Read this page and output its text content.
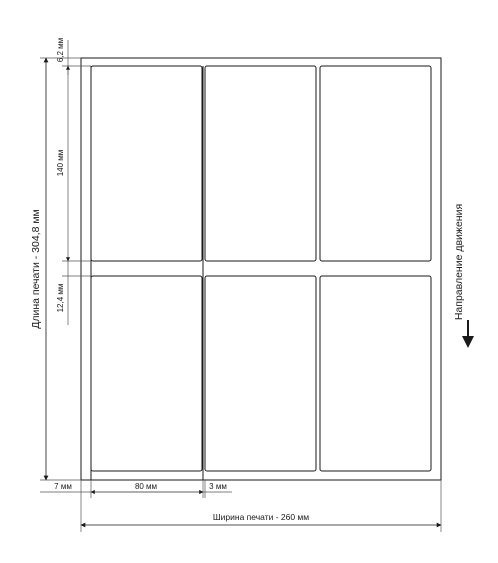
6,2 мм
140 мм
12,4 мм
Длина печати - 304,8 мм
7 мм	80 мм	3 мм
Ширина печати - 260 мм
Направление движения
